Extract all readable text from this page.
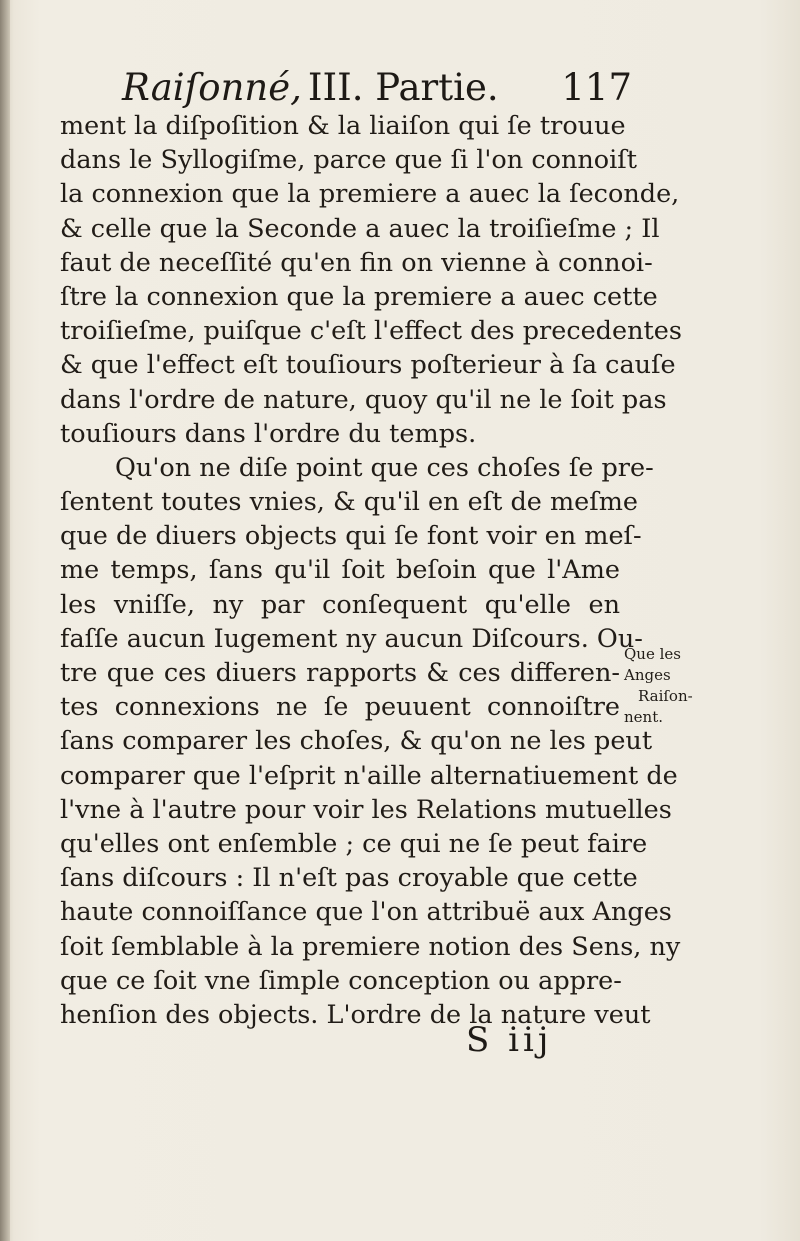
Raiſonné, III. Partie. 117
ment la diſpoſition & la liaiſon qui ſe trouue
dans le Syllogiſme, parce que ſi l'on connoiſt
la connexion que la premiere a auec la ſeconde,
& celle que la Seconde a auec la troiſieſme ; Il
faut de neceſſité qu'en fin on vienne à connoi-
ſtre la connexion que la premiere a auec cette
troiſieſme, puiſque c'eſt l'effect des precedentes
& que l'effect eſt touſiours poſterieur à ſa cauſe
dans l'ordre de nature, quoy qu'il ne le ſoit pas
touſiours dans l'ordre du temps.
Qu'on ne diſe point que ces choſes ſe pre-
ſentent toutes vnies, & qu'il en eſt de meſme
que de diuers objects qui ſe font voir en meſ-
me temps, ſans qu'il ſoit beſoin que l'Ame
les vniſſe, ny par conſequent qu'elle en
faſſe aucun Iugement ny aucun Diſcours. Ou-
tre que ces diuers rapports & ces differen-
tes connexions ne ſe peuuent connoiſtre
ſans comparer les choſes, & qu'on ne les peut
comparer que l'eſprit n'aille alternatiuement de
l'vne à l'autre pour voir les Relations mutuelles
qu'elles ont enſemble ; ce qui ne ſe peut faire
ſans diſcours : Il n'eſt pas croyable que cette
haute connoiſſance que l'on attribuë aux Anges
ſoit ſemblable à la premiere notion des Sens, ny
que ce ſoit vne ſimple conception ou appre-
henſion des objects. L'ordre de la nature veut
Que les
Anges
Raiſon-
nent.
S iij
